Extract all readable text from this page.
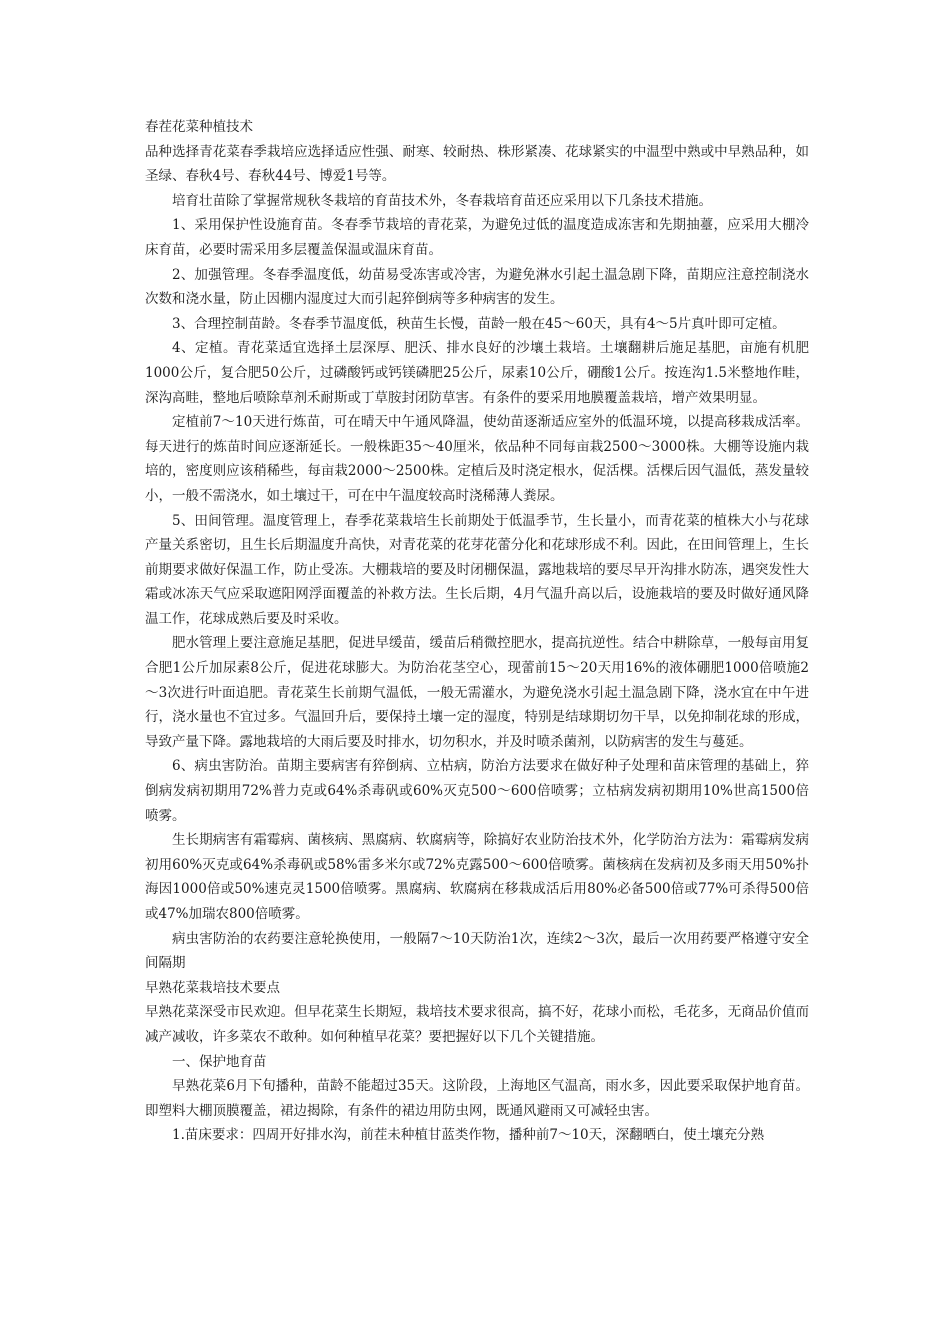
春茬花菜种植技术

品种选择青花菜春季栽培应选择适应性强、耐寒、较耐热、株形紧凑、花球紧实的中温型中熟或中早熟品种，如圣绿、春秋4号、春秋44号、博爱1号等。

培育壮苗除了掌握常规秋冬栽培的育苗技术外，冬春栽培育苗还应采用以下几条技术措施。

1、采用保护性设施育苗。冬春季节栽培的青花菜，为避免过低的温度造成冻害和先期抽薹，应采用大棚冷床育苗，必要时需采用多层覆盖保温或温床育苗。

2、加强管理。冬春季温度低，幼苗易受冻害或冷害，为避免淋水引起土温急剧下降，苗期应注意控制浇水次数和浇水量，防止因棚内湿度过大而引起猝倒病等多种病害的发生。

3、合理控制苗龄。冬春季节温度低，秧苗生长慢，苗龄一般在45～60天，具有4～5片真叶即可定植。

4、定植。青花菜适宜选择土层深厚、肥沃、排水良好的沙壤土栽培。土壤翻耕后施足基肥，亩施有机肥1000公斤，复合肥50公斤，过磷酸钙或钙镁磷肥25公斤，尿素10公斤，硼酸1公斤。按连沟1.5米整地作畦，深沟高畦，整地后喷除草剂禾耐斯或丁草胺封闭防草害。有条件的要采用地膜覆盖栽培，增产效果明显。

定植前7～10天进行炼苗，可在晴天中午通风降温，使幼苗逐渐适应室外的低温环境，以提高移栽成活率。每天进行的炼苗时间应逐渐延长。一般株距35～40厘米，依品种不同每亩栽2500～3000株。大棚等设施内栽培的，密度则应该稍稀些，每亩栽2000～2500株。定植后及时浇定根水，促活棵。活棵后因气温低，蒸发量较小，一般不需浇水，如土壤过干，可在中午温度较高时浇稀薄人粪尿。

5、田间管理。温度管理上，春季花菜栽培生长前期处于低温季节，生长量小，而青花菜的植株大小与花球产量关系密切，且生长后期温度升高快，对青花菜的花芽花蕾分化和花球形成不利。因此，在田间管理上，生长前期要求做好保温工作，防止受冻。大棚栽培的要及时闭棚保温，露地栽培的要尽早开沟排水防冻，遇突发性大霜或冰冻天气应采取遮阳网浮面覆盖的补救方法。生长后期，4月气温升高以后，设施栽培的要及时做好通风降温工作，花球成熟后要及时采收。

肥水管理上要注意施足基肥，促进早缓苗，缓苗后稍微控肥水，提高抗逆性。结合中耕除草，一般每亩用复合肥1公斤加尿素8公斤，促进花球膨大。为防治花茎空心，现蕾前15～20天用16%的液体硼肥1000倍喷施2～3次进行叶面追肥。青花菜生长前期气温低，一般无需灌水，为避免浇水引起土温急剧下降，浇水宜在中午进行，浇水量也不宜过多。气温回升后，要保持土壤一定的湿度，特别是结球期切勿干旱，以免抑制花球的形成，导致产量下降。露地栽培的大雨后要及时排水，切勿积水，并及时喷杀菌剂，以防病害的发生与蔓延。

6、病虫害防治。苗期主要病害有猝倒病、立枯病，防治方法要求在做好种子处理和苗床管理的基础上，猝倒病发病初期用72%普力克或64%杀毒矾或60%灭克500～600倍喷雾；立枯病发病初期用10%世高1500倍喷雾。

生长期病害有霜霉病、菌核病、黑腐病、软腐病等，除搞好农业防治技术外，化学防治方法为：霜霉病发病初用60%灭克或64%杀毒矾或58%雷多米尔或72%克露500～600倍喷雾。菌核病在发病初及多雨天用50%扑海因1000倍或50%速克灵1500倍喷雾。黑腐病、软腐病在移栽成活后用80%必备500倍或77%可杀得500倍或47%加瑞农800倍喷雾。

病虫害防治的农药要注意轮换使用，一般隔7～10天防治1次，连续2～3次，最后一次用药要严格遵守安全间隔期

早熟花菜栽培技术要点

早熟花菜深受市民欢迎。但早花菜生长期短，栽培技术要求很高，搞不好，花球小而松，毛花多，无商品价值而减产减收，许多菜农不敢种。如何种植早花菜？要把握好以下几个关键措施。

一、保护地育苗

早熟花菜6月下旬播种，苗龄不能超过35天。这阶段，上海地区气温高，雨水多，因此要采取保护地育苗。即塑料大棚顶膜覆盖，裙边揭除，有条件的裙边用防虫网，既通风避雨又可减轻虫害。

1.苗床要求：四周开好排水沟，前茬未种植甘蓝类作物，播种前7～10天，深翻晒白，使土壤充分熟
